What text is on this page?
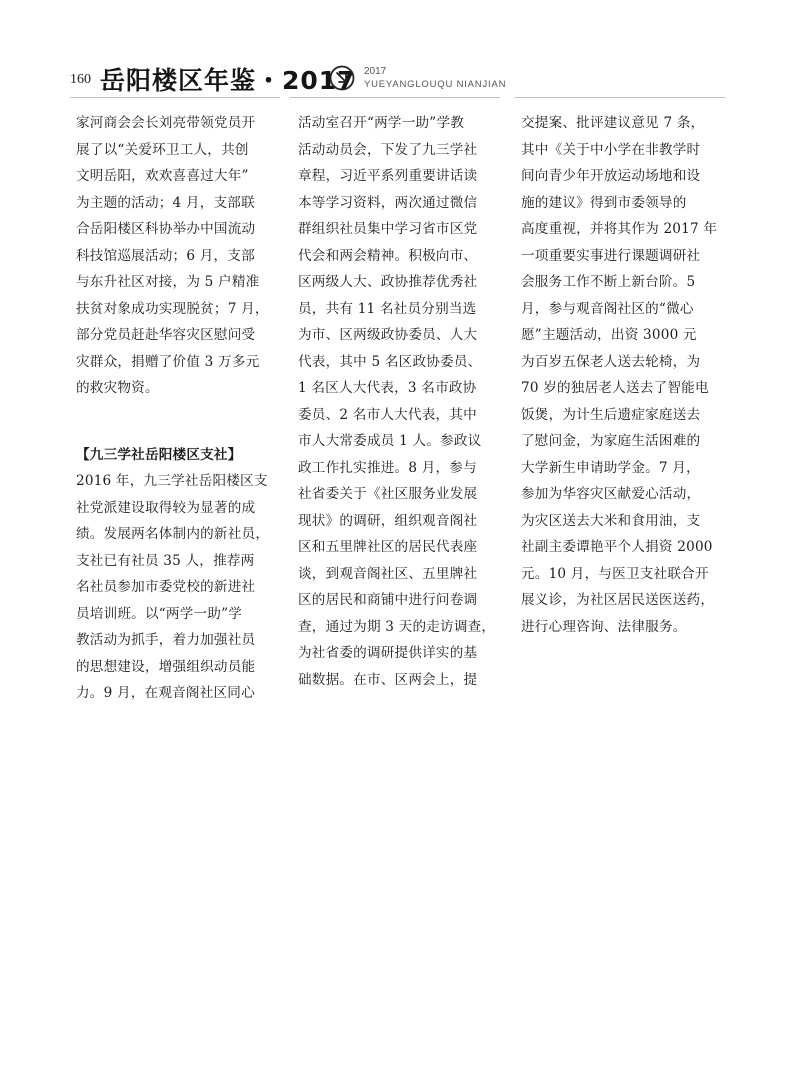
160 岳阳楼区年鉴・2017 2017
YUEYANGLOUQU NIANJIAN

家河商会会长刘亮带领党员开
展了以“关爱环卫工人，共创
文明岳阳，欢欢喜喜过大年”
为主题的活动；4 月，支部联
合岳阳楼区科协举办中国流动
科技馆巡展活动；6 月，支部
与东升社区对接，为 5 户精准
扶贫对象成功实现脱贫；7 月，
部分党员赶赴华容灾区慰问受
灾群众，捐赠了价值 3 万多元
的救灾物资。

【九三学社岳阳楼区支社】

2016 年，九三学社岳阳楼区支
社党派建设取得较为显著的成
绩。发展两名体制内的新社员，
支社已有社员 35 人，推荐两
名社员参加市委党校的新进社
员培训班。以“两学一助”学
教活动为抓手，着力加强社员
的思想建设，增强组织动员能
力。9 月，在观音阁社区同心

活动室召开“两学一助”学教
活动动员会，下发了九三学社
章程，习近平系列重要讲话读
本等学习资料，两次通过微信
群组织社员集中学习省市区党
代会和两会精神。积极向市、
区两级人大、政协推荐优秀社
员，共有 11 名社员分别当选
为市、区两级政协委员、人大
代表，其中 5 名区政协委员、
1 名区人大代表，3 名市政协
委员、2 名市人大代表，其中
市人大常委成员 1 人。参政议
政工作扎实推进。8 月，参与
社省委关于《社区服务业发展
现状》的调研，组织观音阁社
区和五里牌社区的居民代表座
谈，到观音阁社区、五里牌社
区的居民和商铺中进行问卷调
查，通过为期 3 天的走访调查，
为社省委的调研提供详实的基
础数据。在市、区两会上，提

交提案、批评建议意见 7 条，
其中《关于中小学在非教学时
间向青少年开放运动场地和设
施的建议》得到市委领导的
高度重视，并将其作为 2017 年
一项重要实事进行课题调研社
会服务工作不断上新台阶。5
月，参与观音阁社区的“微心
愿”主题活动，出资 3000 元
为百岁五保老人送去轮椅，为
70 岁的独居老人送去了智能电
饭煲，为计生后遗症家庭送去
了慰问金，为家庭生活困难的
大学新生申请助学金。7 月，
参加为华容灾区献爱心活动，
为灾区送去大米和食用油，支
社副主委谭艳平个人捐资 2000
元。10 月，与医卫支社联合开
展义诊，为社区居民送医送药，
进行心理咨询、法律服务。
